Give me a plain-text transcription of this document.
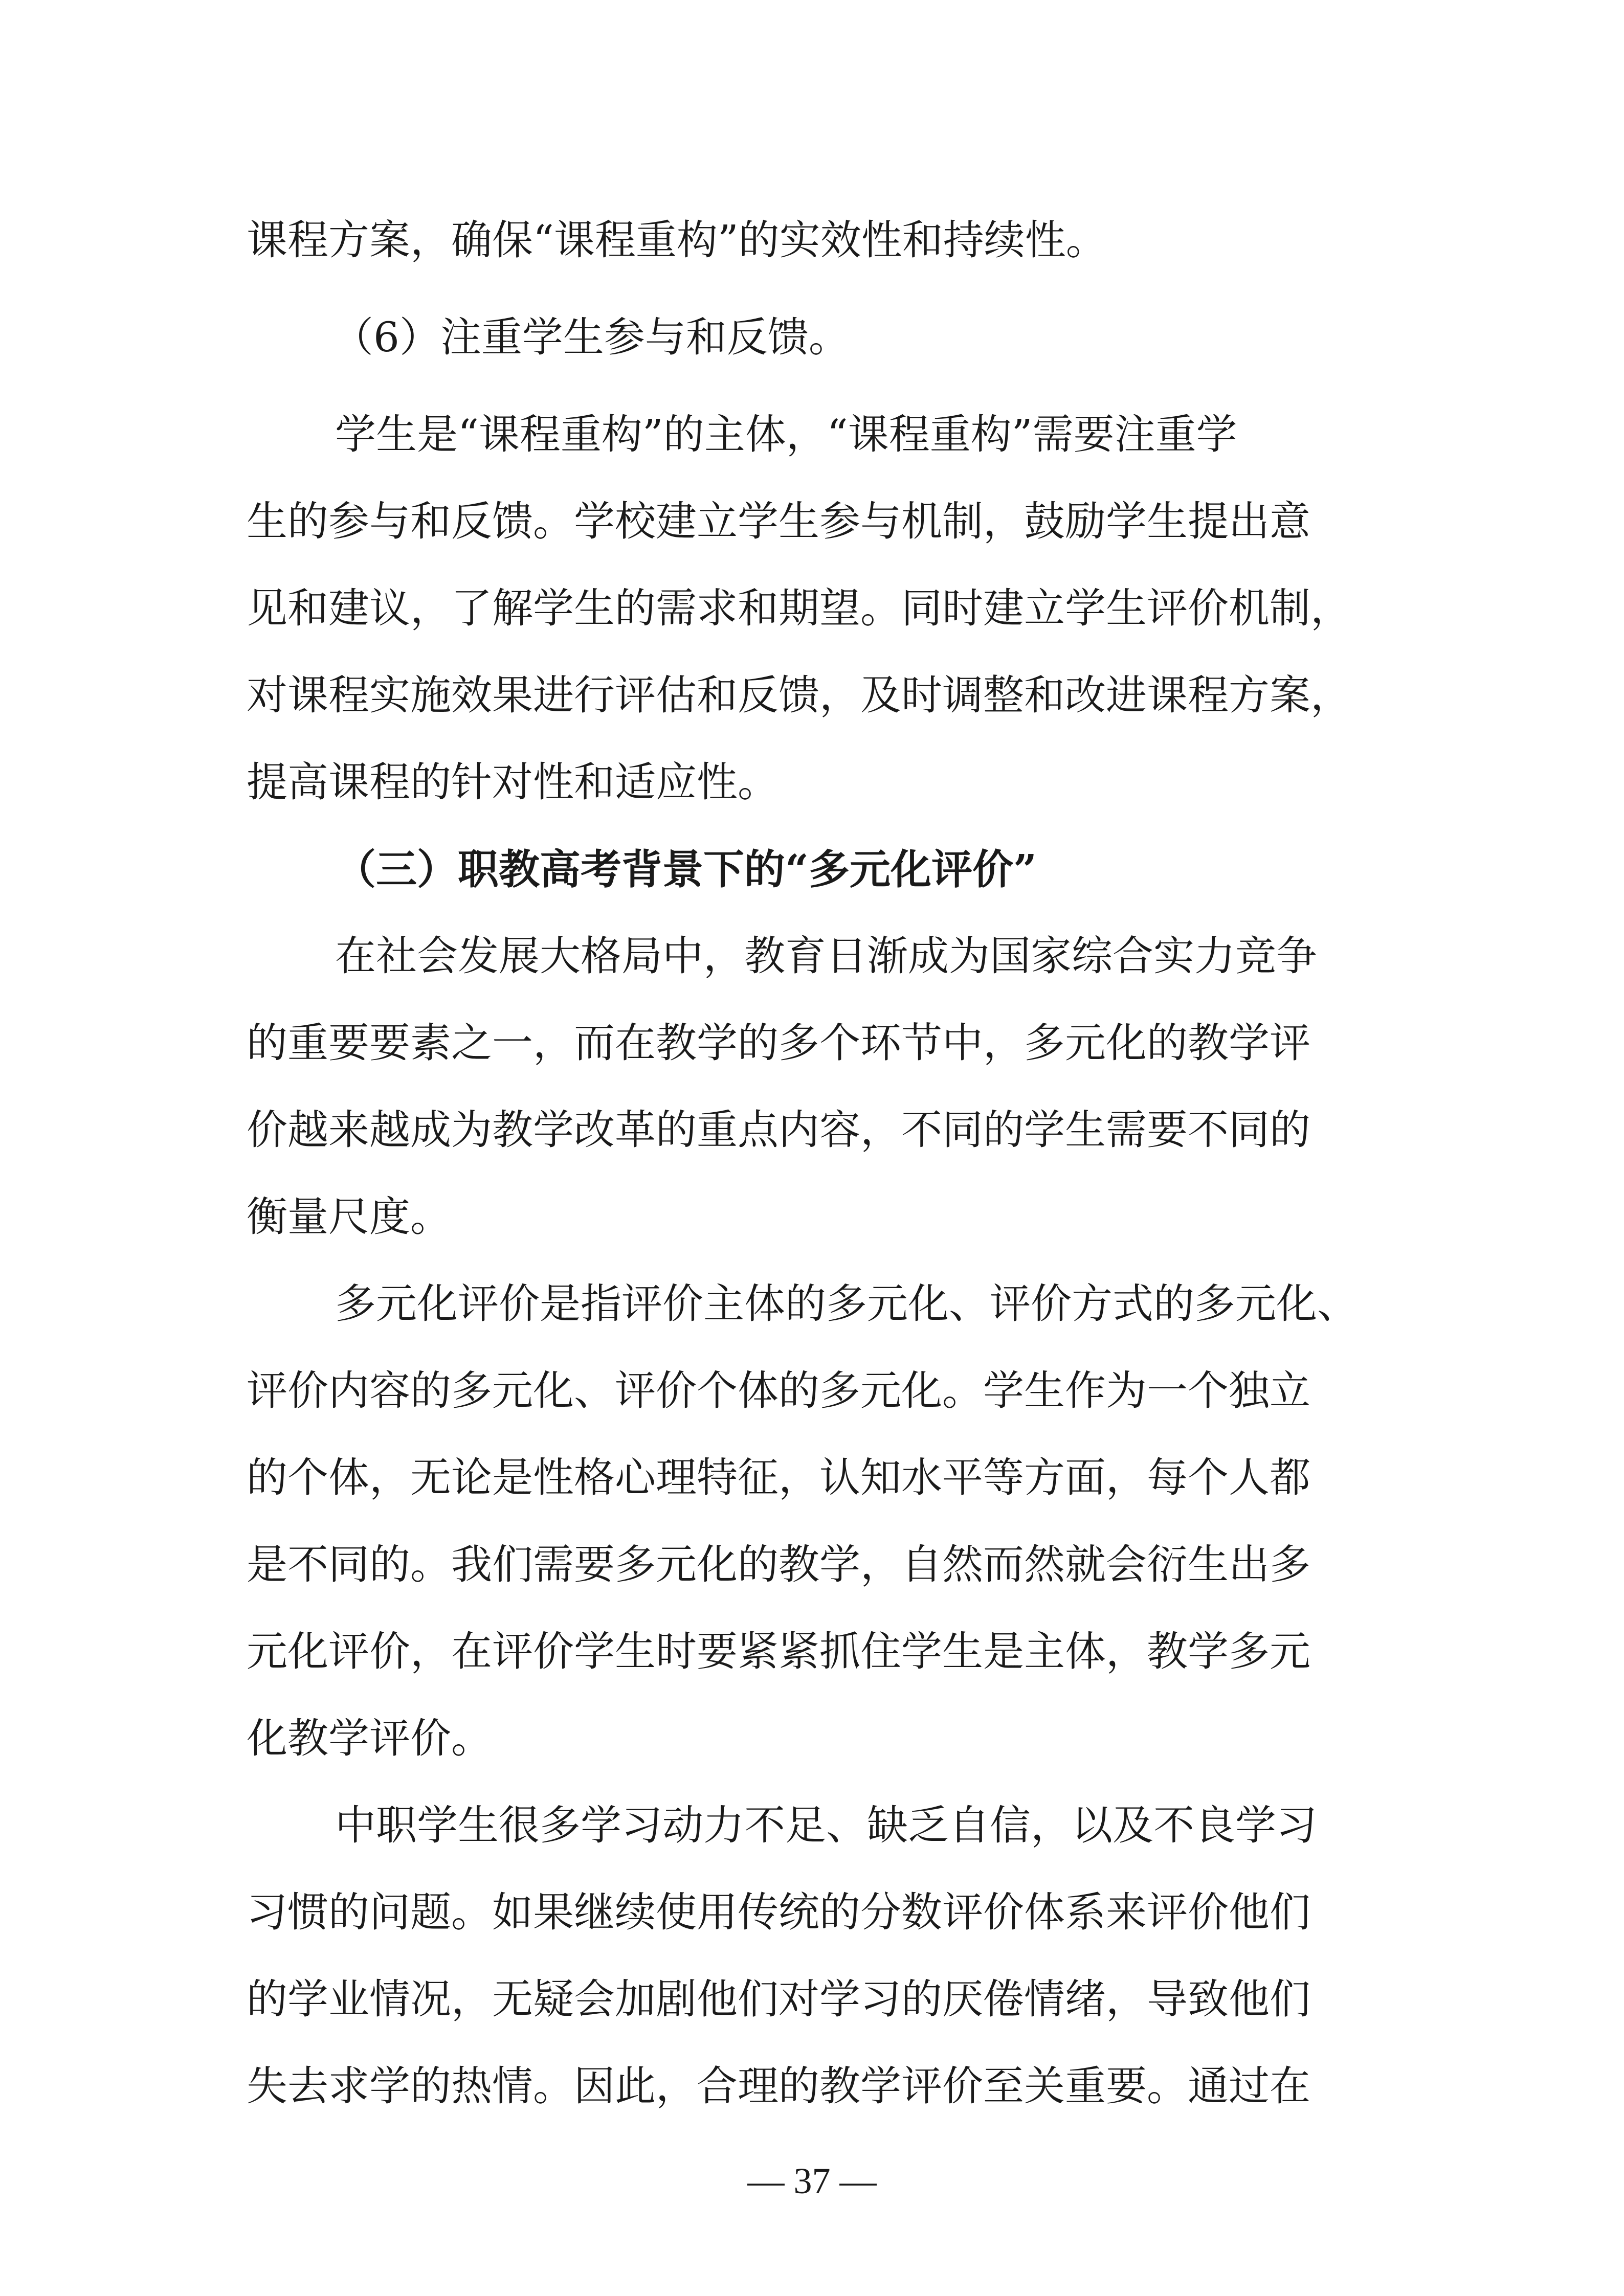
课程方案，确保“课程重构”的实效性和持续性。
（6）注重学生参与和反馈。
学生是“课程重构”的主体，“课程重构”需要注重学
生的参与和反馈。学校建立学生参与机制，鼓励学生提出意
见和建议，了解学生的需求和期望。同时建立学生评价机制，
对课程实施效果进行评估和反馈，及时调整和改进课程方案，
提高课程的针对性和适应性。
（三）职教高考背景下的“多元化评价”
在社会发展大格局中，教育日渐成为国家综合实力竞争
的重要要素之一，而在教学的多个环节中，多元化的教学评
价越来越成为教学改革的重点内容，不同的学生需要不同的
衡量尺度。
多元化评价是指评价主体的多元化、评价方式的多元化、
评价内容的多元化、评价个体的多元化。学生作为一个独立
的个体，无论是性格心理特征，认知水平等方面，每个人都
是不同的。我们需要多元化的教学，自然而然就会衍生出多
元化评价，在评价学生时要紧紧抓住学生是主体，教学多元
化教学评价。
中职学生很多学习动力不足、缺乏自信，以及不良学习
习惯的问题。如果继续使用传统的分数评价体系来评价他们
的学业情况，无疑会加剧他们对学习的厌倦情绪，导致他们
失去求学的热情。因此，合理的教学评价至关重要。通过在
— 37 —
